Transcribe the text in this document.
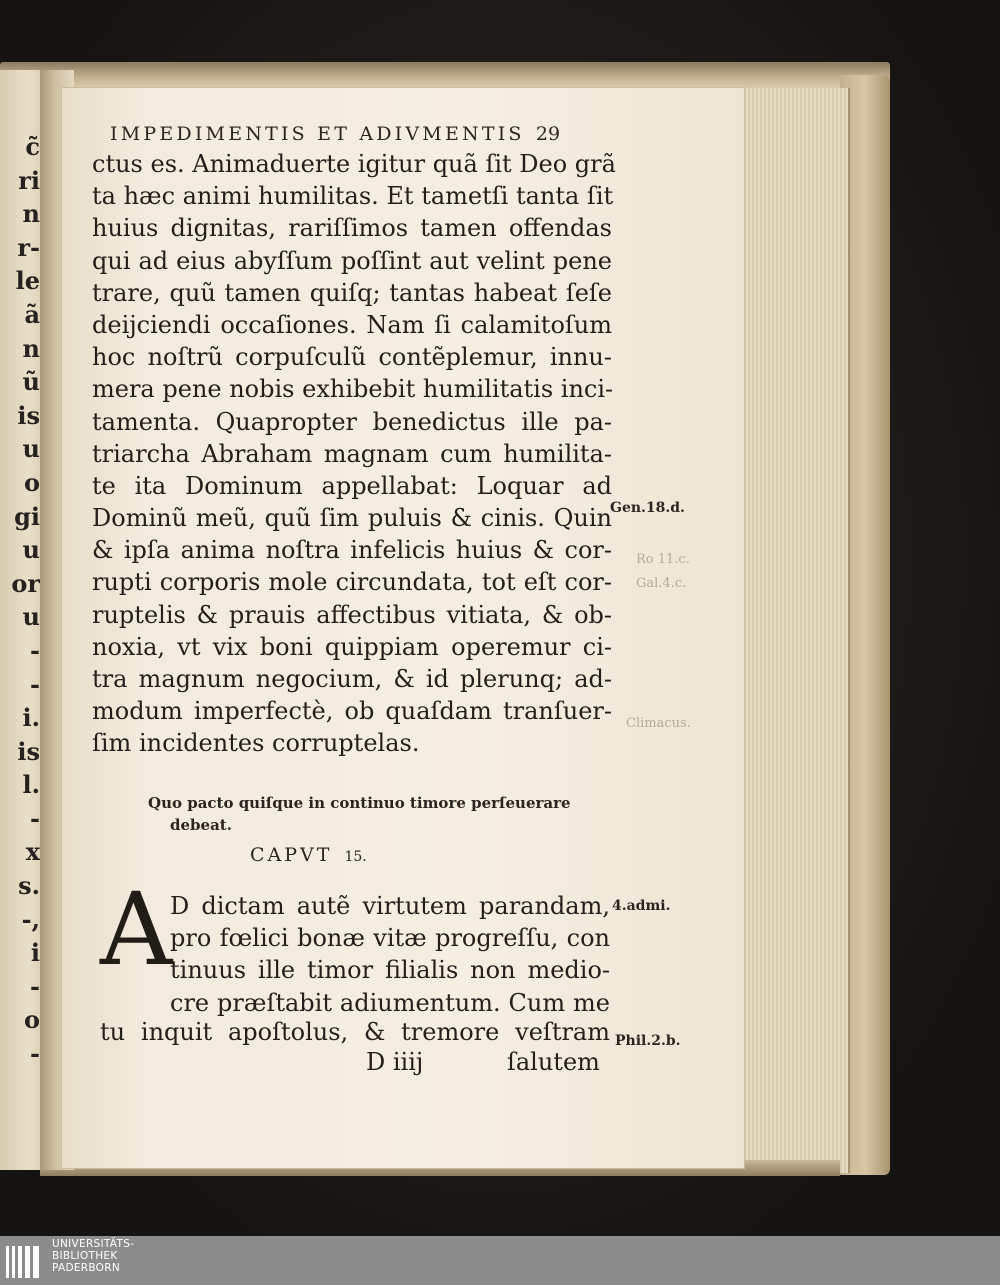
c̃
ri
n
r-
le
ã
n
ũ
is
u
o
gi
u
or
u
-
-
i.
is
l.
-
x
s.
-,
i
-
o
-
IMPEDIMENTIS ET ADIVMENTIS 29
ctus es. Animaduerte igitur quã ſit Deo grã
ta hæc animi humilitas. Et tametſi tanta ſit
huius dignitas, rariſſimos tamen offendas
qui ad eius abyſſum poſſint aut velint pene
trare, quũ tamen quiſq; tantas habeat ſeſe
deijciendi occaſiones. Nam ſi calamitoſum
hoc noſtrũ corpuſculũ contẽplemur, innu-
mera pene nobis exhibebit humilitatis inci-
tamenta. Quapropter benedictus ille pa-
triarcha Abraham magnam cum humilita-
te ita Dominum appellabat: Loquar ad
Dominũ meũ, quũ ſim puluis & cinis. Quin
& ipſa anima noſtra infelicis huius & cor-
rupti corporis mole circundata, tot eſt cor-
ruptelis & prauis affectibus vitiata, & ob-
noxia, vt vix boni quippiam operemur ci-
tra magnum negocium, & id plerunq; ad-
modum imperfectè, ob quaſdam tranſuer-
ſim incidentes corruptelas.
Gen.18.d.
4.admi.
Phil.2.b.
Ro 11.c.
Gal.4.c.
Climacus.
Quo pacto quiſque in continuo timore perſeuerare
debeat.
CAPVT 15.
A
D dictam autẽ virtutem parandam,
pro fœlici bonæ vitæ progreſſu, con
tinuus ille timor filialis non medio-
cre præſtabit adiumentum. Cum me
tu inquit apoſtolus, & tremore veſtram
D iiij	ſalutem
UNIVERSITÄTS-
BIBLIOTHEK
PADERBORN
